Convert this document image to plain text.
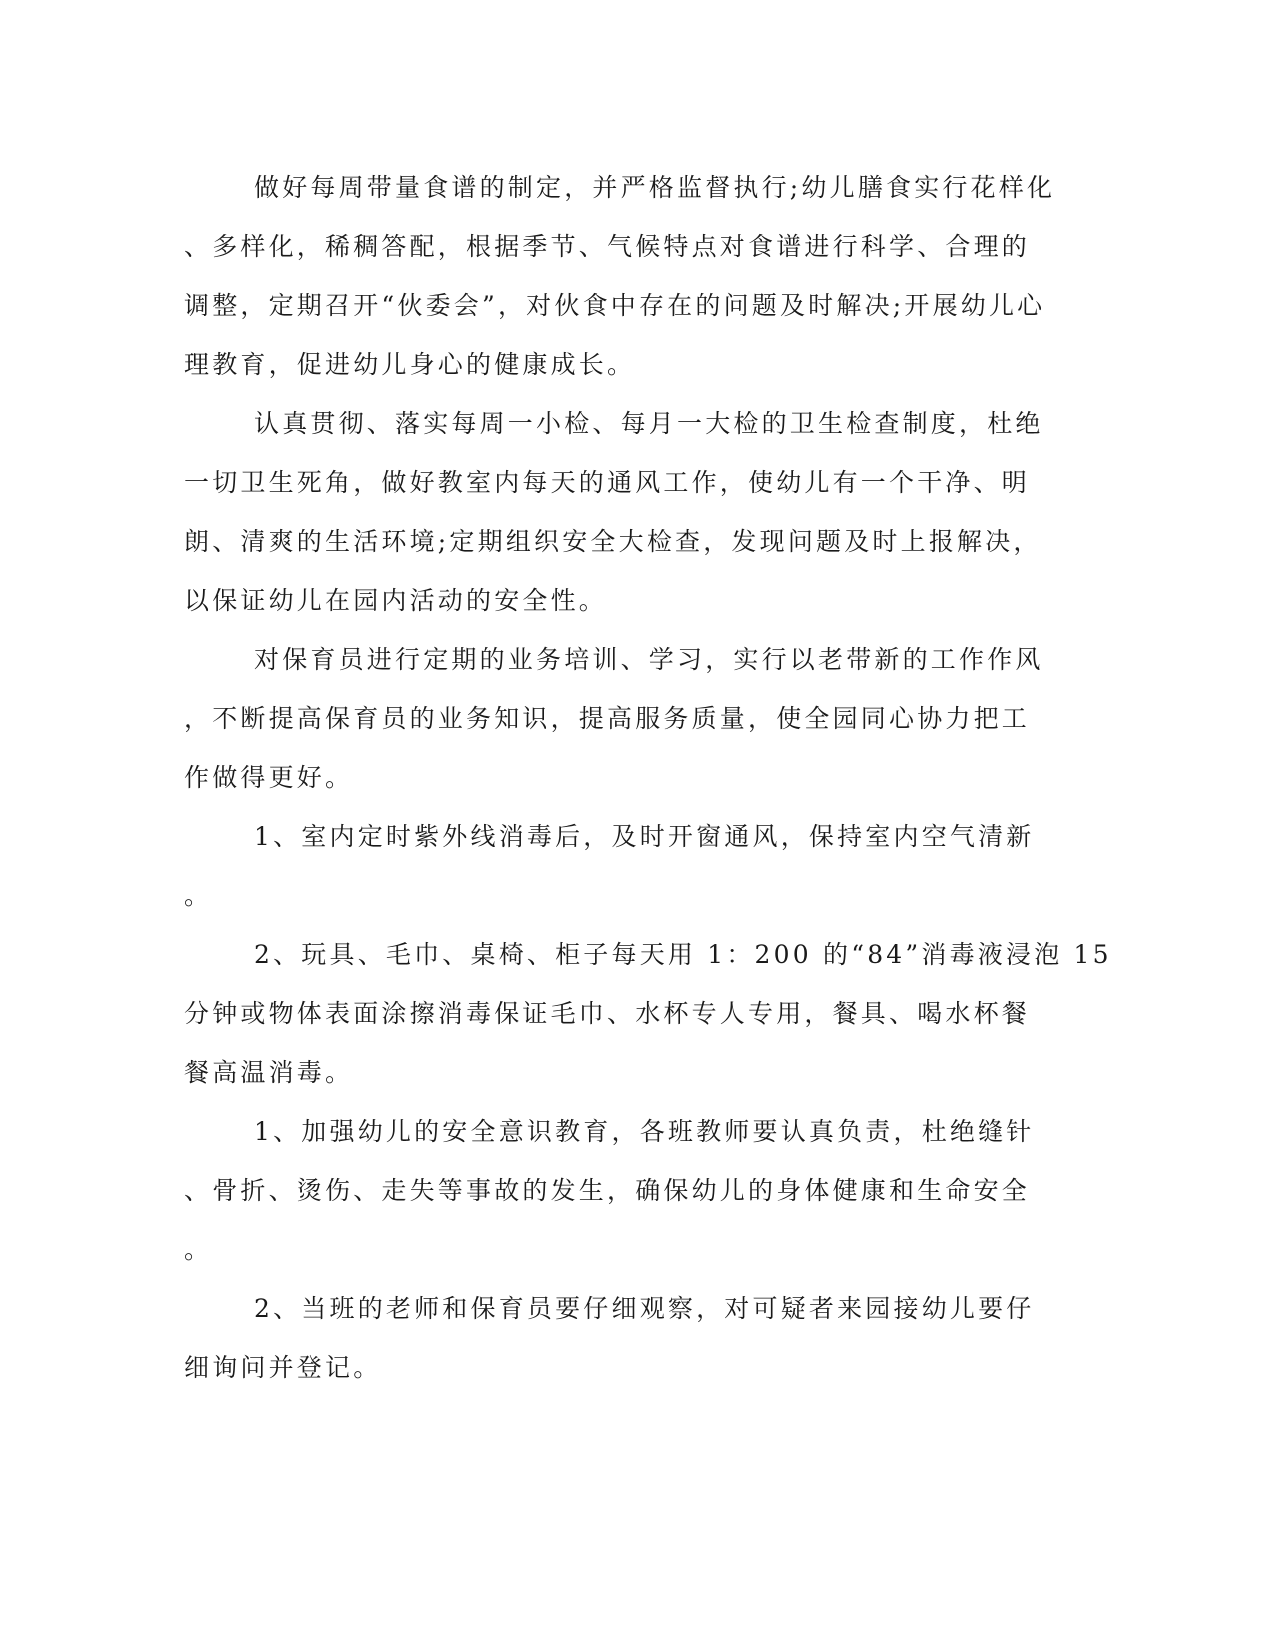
做好每周带量食谱的制定，并严格监督执行;幼儿膳食实行花样化
、多样化，稀稠答配，根据季节、气候特点对食谱进行科学、合理的
调整，定期召开“伙委会”，对伙食中存在的问题及时解决;开展幼儿心
理教育，促进幼儿身心的健康成长。
认真贯彻、落实每周一小检、每月一大检的卫生检查制度，杜绝
一切卫生死角，做好教室内每天的通风工作，使幼儿有一个干净、明
朗、清爽的生活环境;定期组织安全大检查，发现问题及时上报解决，
以保证幼儿在园内活动的安全性。
对保育员进行定期的业务培训、学习，实行以老带新的工作作风
，不断提高保育员的业务知识，提高服务质量，使全园同心协力把工
作做得更好。
1、室内定时紫外线消毒后，及时开窗通风，保持室内空气清新
。
2、玩具、毛巾、桌椅、柜子每天用 1：200 的“84”消毒液浸泡 15
分钟或物体表面涂擦消毒保证毛巾、水杯专人专用，餐具、喝水杯餐
餐高温消毒。
1、加强幼儿的安全意识教育，各班教师要认真负责，杜绝缝针
、骨折、烫伤、走失等事故的发生，确保幼儿的身体健康和生命安全
。
2、当班的老师和保育员要仔细观察，对可疑者来园接幼儿要仔
细询问并登记。
